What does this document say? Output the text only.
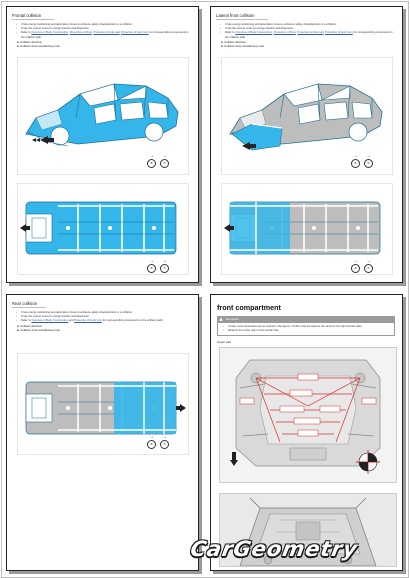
Frontal collision
• It has energy cushioning and absorption zones to enhance safety characteristics in a collision.
• It has the correct route for energy transfer and dispersion.
• Refer to Overview of Body Construction, Prevention of Rust, Protection of side wall, Protection of body form for corresponding components in the collision path.
a. Collision direction
b. Collision force transferring route
→
a
→
b
→
a
→
b
Lateral front collision
• It has energy cushioning and absorption zones to enhance safety characteristics in a collision.
• It has the correct route for energy transfer and dispersion.
• Refer to Overview of Body Construction, Prevention of Rust, Protection of side wall, Protection of body form for corresponding components in the collision path.
a. Collision direction
b. Collision force transferring route
→
a
→
b
→
a
→
b
Rear collision
• It has energy cushioning and absorption zones to enhance safety characteristics in a collision.
• It has the correct route for energy transfer and dispersion.
• Refer to Overview of Body Construction and Protection of body form for corresponding components in the collision path.
a. Collision direction
b. Collision force transferring route
→
a
→
b
front compartment
Reminder
• If used, some dimensions are as marked in the figures. Confirm that the data are the same for the right and left sides.
• Measure the center point of the circular hole.
Upper part
CarGeometry
